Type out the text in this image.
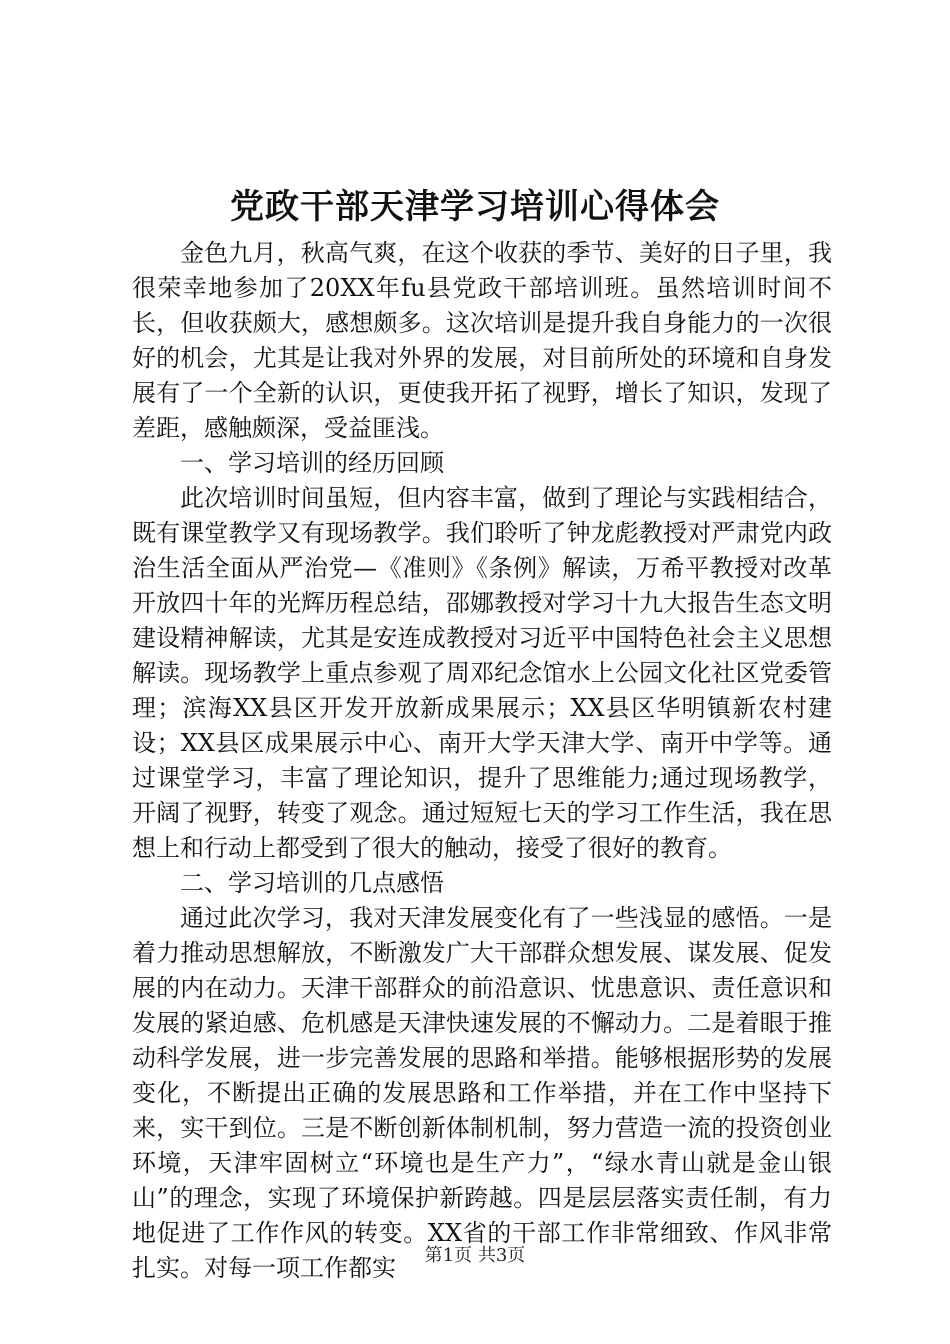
党政干部天津学习培训心得体会

金色九月，秋高气爽，在这个收获的季节、美好的日子里，我很荣幸地参加了20XX年fu县党政干部培训班。虽然培训时间不长，但收获颇大，感想颇多。这次培训是提升我自身能力的一次很好的机会，尤其是让我对外界的发展，对目前所处的环境和自身发展有了一个全新的认识，更使我开拓了视野，增长了知识，发现了差距，感触颇深，受益匪浅。

一、学习培训的经历回顾

此次培训时间虽短，但内容丰富，做到了理论与实践相结合，既有课堂教学又有现场教学。我们聆听了钟龙彪教授对严肃党内政治生活全面从严治党—《准则》《条例》解读，万希平教授对改革开放四十年的光辉历程总结，邵娜教授对学习十九大报告生态文明建设精神解读，尤其是安连成教授对习近平中国特色社会主义思想解读。现场教学上重点参观了周邓纪念馆水上公园文化社区党委管理；滨海XX县区开发开放新成果展示；XX县区华明镇新农村建设；XX县区成果展示中心、南开大学天津大学、南开中学等。通过课堂学习，丰富了理论知识，提升了思维能力;通过现场教学，开阔了视野，转变了观念。通过短短七天的学习工作生活，我在思想上和行动上都受到了很大的触动，接受了很好的教育。

二、学习培训的几点感悟

通过此次学习，我对天津发展变化有了一些浅显的感悟。一是着力推动思想解放，不断激发广大干部群众想发展、谋发展、促发展的内在动力。天津干部群众的前沿意识、忧患意识、责任意识和发展的紧迫感、危机感是天津快速发展的不懈动力。二是着眼于推动科学发展，进一步完善发展的思路和举措。能够根据形势的发展变化，不断提出正确的发展思路和工作举措，并在工作中坚持下来，实干到位。三是不断创新体制机制，努力营造一流的投资创业环境，天津牢固树立“环境也是生产力”，“绿水青山就是金山银山”的理念，实现了环境保护新跨越。四是层层落实责任制，有力地促进了工作作风的转变。XX省的干部工作非常细致、作风非常扎实。对每一项工作都实	第1页 共3页
